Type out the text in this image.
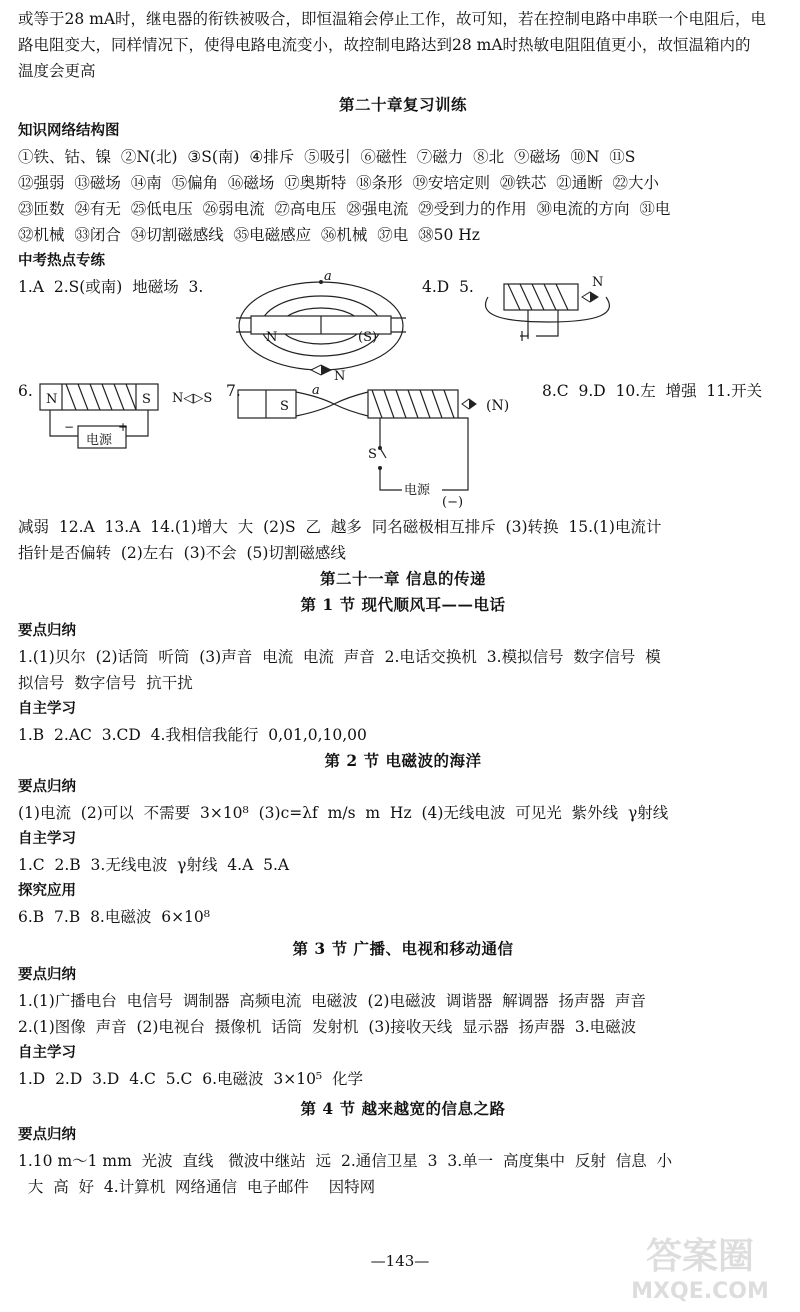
或等于28 mA时，继电器的衔铁被吸合，即恒温箱会停止工作，故可知，若在控制电路中串联一个电阻后，电
路电阻变大，同样情况下，使得电路电流变小，故控制电路达到28 mA时热敏电阻阻值更小，故恒温箱内的
温度会更高
第二十章复习训练
知识网络结构图
①铁、钴、镍  ②N(北)  ③S(南)  ④排斥  ⑤吸引  ⑥磁性  ⑦磁力  ⑧北  ⑨磁场  ⑩N  ⑪S
⑫强弱  ⑬磁场  ⑭南  ⑮偏角  ⑯磁场  ⑰奥斯特  ⑱条形  ⑲安培定则  ⑳铁芯  ㉑通断  ㉒大小
㉓匝数  ㉔有无  ㉕低电压  ㉖弱电流  ㉗高电压  ㉘强电流  ㉙受到力的作用  ㉚电流的方向  ㉛电
㉜机械  ㉝闭合  ㉞切割磁感线  ㉟电磁感应  ㊱机械  ㊲电  ㊳50 Hz
中考热点专练
1.A  2.S(或南)  地磁场  3.	4.D  5.
N	(S)
a
N
N
6. N	S N◁▷S
电源
−	+
7.
S
a
(N)
S
电源
(−)
8.C  9.D  10.左  增强  11.开关
减弱  12.A  13.A  14.(1)增大  大  (2)S  乙  越多  同名磁极相互排斥  (3)转换  15.(1)电流计
指针是否偏转  (2)左右  (3)不会  (5)切割磁感线
第二十一章 信息的传递
第 1 节 现代顺风耳——电话
要点归纳
1.(1)贝尔  (2)话筒  听筒  (3)声音  电流  电流  声音  2.电话交换机  3.模拟信号  数字信号  模
拟信号  数字信号  抗干扰
自主学习
1.B  2.AC  3.CD  4.我相信我能行  0,01,0,10,00
第 2 节 电磁波的海洋
要点归纳
(1)电流  (2)可以  不需要  3×10⁸  (3)c=λf  m/s  m  Hz  (4)无线电波  可见光  紫外线  γ射线
自主学习
1.C  2.B  3.无线电波  γ射线  4.A  5.A
探究应用
6.B  7.B  8.电磁波  6×10⁸
第 3 节 广播、电视和移动通信
要点归纳
1.(1)广播电台  电信号  调制器  高频电流  电磁波  (2)电磁波  调谐器  解调器  扬声器  声音
2.(1)图像  声音  (2)电视台  摄像机  话筒  发射机  (3)接收天线  显示器  扬声器  3.电磁波
自主学习
1.D  2.D  3.D  4.C  5.C  6.电磁波  3×10⁵  化学
第 4 节 越来越宽的信息之路
要点归纳
1.10 m～1 mm  光波  直线   微波中继站  远  2.通信卫星  3  3.单一  高度集中  反射  信息  小
大  高  好  4.计算机  网络通信  电子邮件    因特网
—143—	答案圈
MXQE.COM
